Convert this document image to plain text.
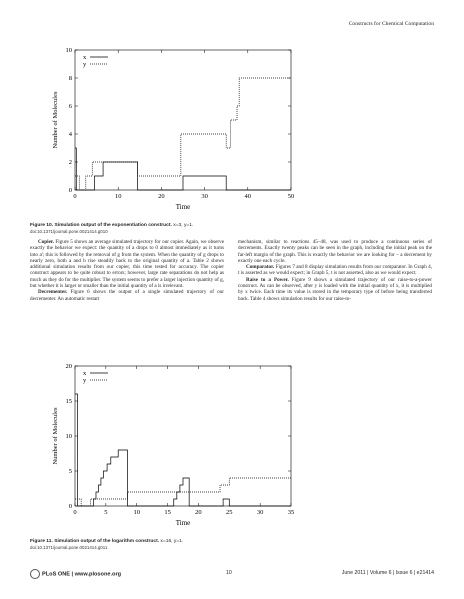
Constructs for Chemical Computation
0	10	20	30	40	50
0
2
4
6
8
10
Time
Number of Molecules
x
y
Figure 10. Simulation output of the exponentiation construct. x=3, y=1.
doi:10.1371/journal.pone.0021414.g010

Copier. Figure 5 shows an average simulated trajectory for our copier. Again, we observe exactly the behavior we expect: the quantity of a drops to 0 almost immediately as it turns into a'; this is followed by the removal of g from the system. When the quantity of g drops to nearly zero, both a and b rise steadily back to the original quantity of a. Table 2 shows additional simulation results from our copier, this time tested for accuracy. The copier construct appears to be quite robust to errors; however, large rate separations do not help as much as they do for the multiplier. The system seems to prefer a larger injection quantity of g, but whether it is larger or smaller than the initial quantity of a is irrelevant.

Decrementer. Figure 6 shows the output of a single simulated trajectory of our decrementer. An automatic restart

mechanism, similar to reactions 45–48, was used to produce a continuous series of decrements. Exactly twenty peaks can be seen in the graph, including the initial peak on the far-left margin of the graph. This is exactly the behavior we are looking for – a decrement by exactly one each cycle.

Comparator. Figures 7 and 8 display simulation results from our comparator. In Graph 4, t is asserted as we would expect; in Graph 5, t is not asserted, also as we would expect.

Raise to a Power. Figure 9 shows a simulated trajectory of our raise-to-a-power construct. As can be observed, after y is loaded with the initial quantity of x, it is multiplied by x twice. Each time its value is stored in the temporary type of before being transferred back. Table 4 shows simulation results for our raise-to-

0	5	10	15	20	25	30	35
0
5
10
15
20
Time
Number of Molecules
x
y
Figure 11. Simulation output of the logarithm construct. x=16, y=1.
doi:10.1371/journal.pone.0021414.g011
PLoS ONE | www.plosone.org	10	June 2011 | Volume 6 | Issue 6 | e21414
